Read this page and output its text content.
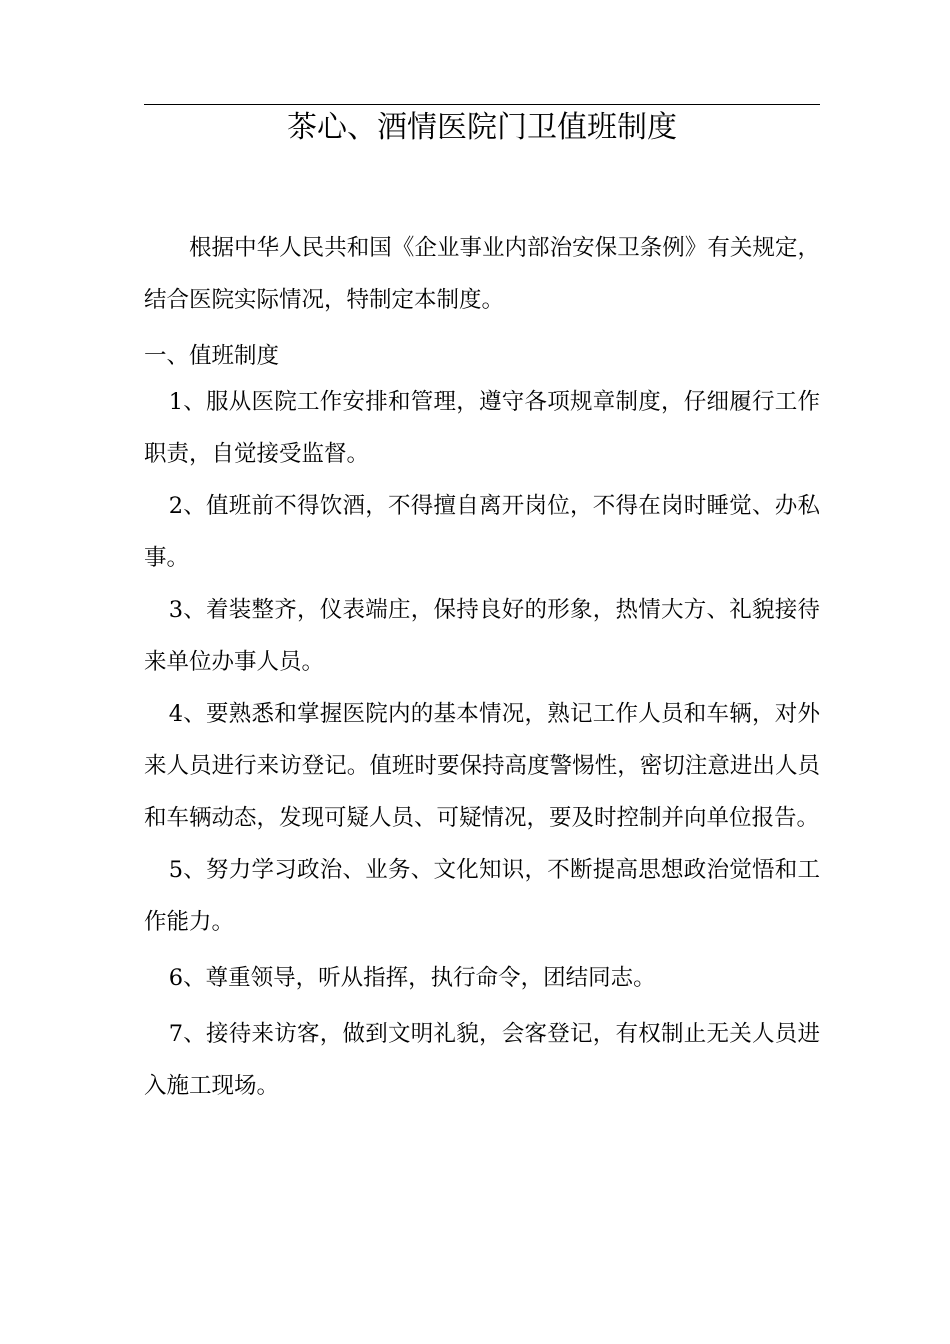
茶心、酒情医院门卫值班制度

根据中华人民共和国《企业事业内部治安保卫条例》有关规定，结合医院实际情况，特制定本制度。

一、值班制度

1、服从医院工作安排和管理，遵守各项规章制度，仔细履行工作职责，自觉接受监督。

2、值班前不得饮酒，不得擅自离开岗位，不得在岗时睡觉、办私事。

3、着装整齐，仪表端庄，保持良好的形象，热情大方、礼貌接待来单位办事人员。

4、要熟悉和掌握医院内的基本情况，熟记工作人员和车辆，对外来人员进行来访登记。值班时要保持高度警惕性，密切注意进出人员和车辆动态，发现可疑人员、可疑情况，要及时控制并向单位报告。

5、努力学习政治、业务、文化知识，不断提高思想政治觉悟和工作能力。

6、尊重领导，听从指挥，执行命令，团结同志。

7、接待来访客，做到文明礼貌，会客登记，有权制止无关人员进入施工现场。
